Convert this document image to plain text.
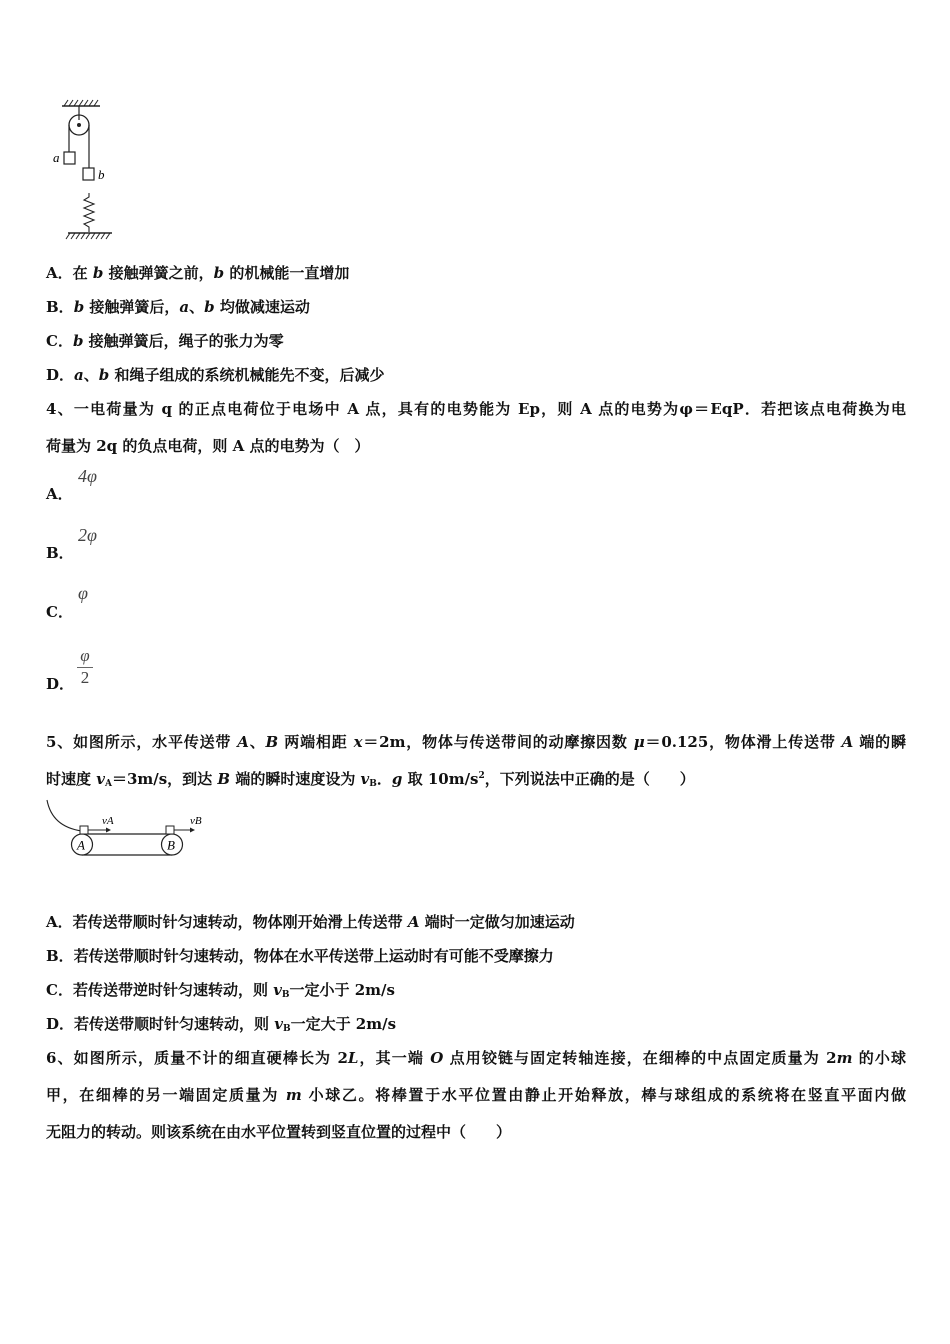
a
b
A．在 b 接触弹簧之前，b 的机械能一直增加
B．b 接触弹簧后，a、b 均做减速运动
C．b 接触弹簧后，绳子的张力为零
D．a、b 和绳子组成的系统机械能先不变，后减少
4、一电荷量为 q 的正点电荷位于电场中 A 点，具有的电势能为 Ep，则 A 点的电势为φ＝EqP．若把该点电荷换为电
荷量为 2q 的负点电荷，则 A 点的电势为（　）
A．
4φ
B．
2φ
C．
φ
D．
φ
2
5、如图所示，水平传送带 A、B 两端相距 x＝2m，物体与传送带间的动摩擦因数 μ＝0.125，物体滑上传送带 A 端的瞬
时速度 $v_A=3m/s$，到达 B 端的瞬时速度设为 $v_B$．g 取 $10m/s^2$，下列说法中正确的是（　　）
A	B
vA	vB
A．若传送带顺时针匀速转动，物体刚开始滑上传送带 A 端时一定做匀加速运动
B．若传送带顺时针匀速转动，物体在水平传送带上运动时有可能不受摩擦力
C．若传送带逆时针匀速转动，则 $v_B$一定小于 2m/s
D．若传送带顺时针匀速转动，则 $v_B$一定大于 2m/s
6、如图所示，质量不计的细直硬棒长为 2L，其一端 O 点用铰链与固定转轴连接，在细棒的中点固定质量为 2m 的小球
甲，在细棒的另一端固定质量为 m 小球乙。将棒置于水平位置由静止开始释放，棒与球组成的系统将在竖直平面内做
无阻力的转动。则该系统在由水平位置转到竖直位置的过程中（　　）
